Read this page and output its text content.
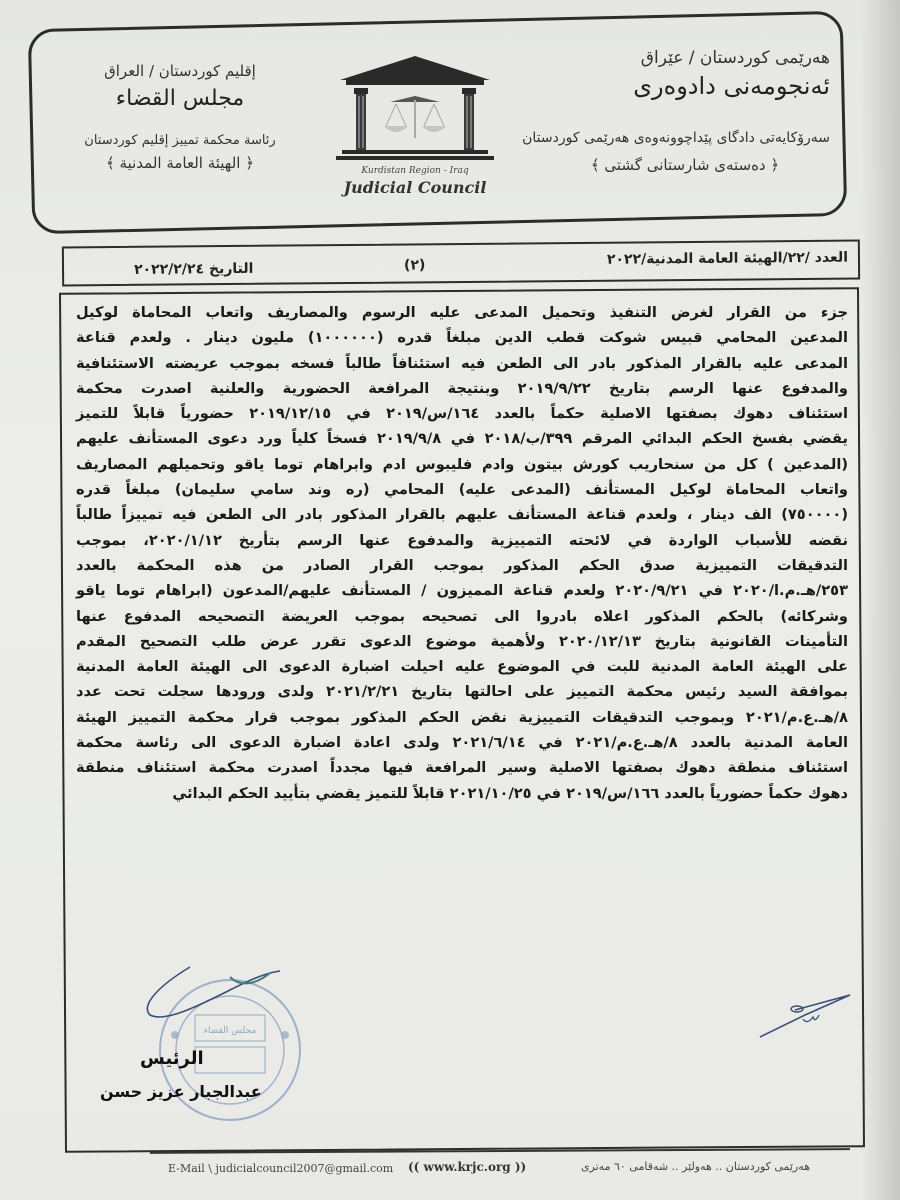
هەرێمی كوردستان / عێراق
ئەنجومەنی دادوەری
سەرۆكایەتی دادگای پێداچوونەوەی هەرێمی كوردستان
﴿ دەستەی شارستانی گشتی ﴾
إقليم كوردستان / العراق
مجلس القضاء
رئاسة محكمة تمييز إقليم كوردستان
﴿ الهيئة العامة المدنية ﴾	Kurdistan Region - Iraq
Judicial Council
العدد /٢٢/الهيئة العامة المدنية/٢٠٢٢
(٢)
التاريخ ٢٠٢٢/٢/٢٤
جزء من القرار لغرض التنفيذ وتحميل المدعى عليه الرسوم والمصاريف واتعاب المحاماة لوكيل
المدعين المحامي قبيس شوكت قطب الدين مبلغاً قدره (١٠٠٠٠٠٠) مليون دينار . ولعدم قناعة
المدعى عليه بالقرار المذكور بادر الى الطعن فيه استئنافاً طالباً فسخه بموجب عريضته الاستئنافية
والمدفوع عنها الرسم بتاريخ ٢٠١٩/٩/٢٢ وبنتيجة المرافعة الحضورية والعلنية اصدرت محكمة
استئناف دهوك بصفتها الاصلية حكماً بالعدد ١٦٤/س/٢٠١٩ في ٢٠١٩/١٢/١٥ حضورياً قابلاً للتميز
يقضي بفسخ الحكم البدائي المرقم ٣٩٩/ب/٢٠١٨ في ٢٠١٩/٩/٨ فسخاً كلياً ورد دعوى المستأنف عليهم
(المدعين ) كل من سنحاريب كورش بيتون وادم فليبوس ادم وابراهام توما ياقو وتحميلهم المصاريف
واتعاب المحاماة لوكيل المستأنف (المدعى عليه) المحامي (ره وند سامي سليمان) مبلغاً قدره
(٧٥٠٠٠٠) الف دينار ، ولعدم قناعة المستأنف عليهم بالقرار المذكور بادر الى الطعن فيه تمييزاً طالباً
نقضه للأسباب الواردة في لائحته التمييزية والمدفوع عنها الرسم بتأريخ ٢٠٢٠/١/١٢، بموجب
التدقيقات التمييزية صدق الحكم المذكور بموجب القرار الصادر من هذه المحكمة بالعدد
٢٥٣/هـ.م.ا/٢٠٢٠ في ٢٠٢٠/٩/٢١ ولعدم قناعة المميزون / المستأنف عليهم/المدعون (ابراهام توما ياقو
وشركائه) بالحكم المذكور اعلاه بادروا الى تصحيحه بموجب العريضة التصحيحه المدفوع عنها
التأمينات القانونية بتاريخ ٢٠٢٠/١٢/١٣ ولأهمية موضوع الدعوى تقرر عرض طلب التصحيح المقدم
على الهيئة العامة المدنية للبت في الموضوع عليه احيلت اضبارة الدعوى الى الهيئة العامة المدنية
بموافقة السيد رئيس محكمة التمييز على احالتها بتاريخ ٢٠٢١/٢/٢١ ولدى ورودها سجلت تحت عدد
٨/هـ.ع.م/٢٠٢١ وبموجب التدقيقات التمييزية نقض الحكم المذكور بموجب قرار محكمة التمييز الهيئة
العامة المدنية بالعدد ٨/هـ.ع.م/٢٠٢١ في ٢٠٢١/٦/١٤ ولدى اعادة اضبارة الدعوى الى رئاسة محكمة
استئناف منطقة دهوك بصفتها الاصلية وسير المرافعة فيها مجدداً اصدرت محكمة استئناف منطقة
دهوك حكماً حضورياً بالعدد ١٦٦/س/٢٠١٩ في ٢٠٢١/١٠/٢٥ قابلاً للتميز يقضي بتأييد الحكم البدائي
مجلس القضاء
الرئيس
عبدالجبار عزيز حسن
E-Mail \ judicialcouncil2007@gmail.com (( www.krjc.org ))	هەرێمی كوردستان .. هەولێر .. شەقامی ٦٠ مەتری
